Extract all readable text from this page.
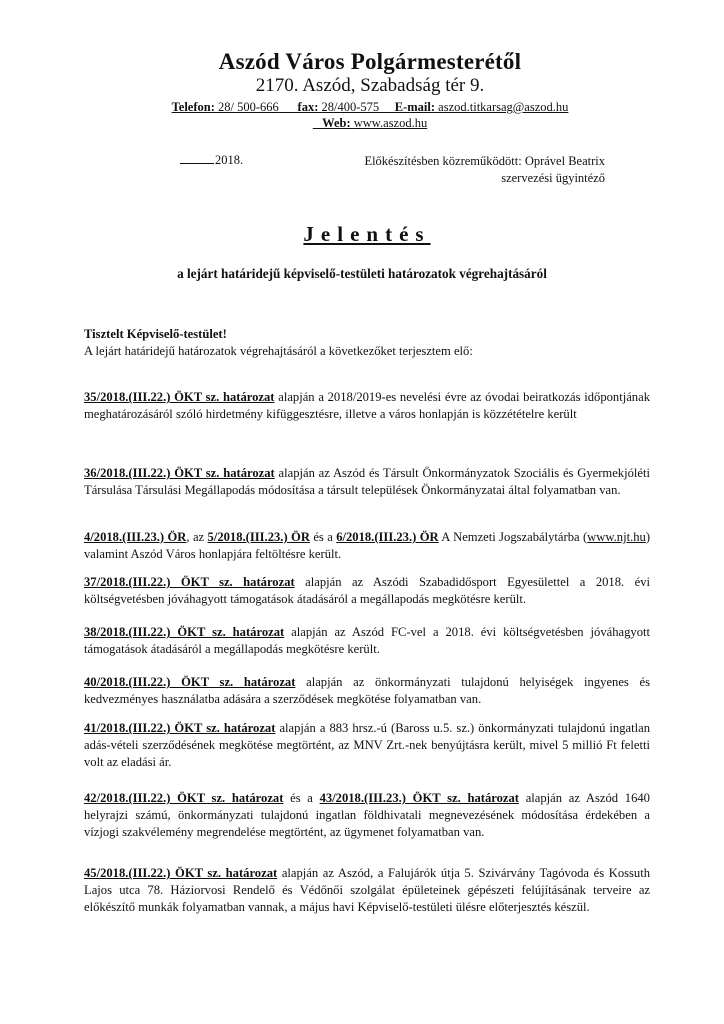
Aszód Város Polgármesterétől
2170. Aszód, Szabadság tér 9.
Telefon: 28/ 500-666 fax: 28/400-575 E-mail: aszod.titkarsag@aszod.hu
Web: www.aszod.hu
2018.	Előkészítésben közreműködött: Oprável Beatrix
szervezési ügyintéző
Jelentés
a lejárt határidejű képviselő-testületi határozatok végrehajtásáról
Tisztelt Képviselő-testület!
A lejárt határidejű határozatok végrehajtásáról a következőket terjesztem elő:
35/2018.(III.22.) ÖKT sz. határozat alapján a 2018/2019-es nevelési évre az óvodai beiratkozás időpontjának meghatározásáról szóló hirdetmény kifüggesztésre, illetve a város honlapján is közzétételre került
36/2018.(III.22.) ÖKT sz. határozat alapján az Aszód és Társult Önkormányzatok Szociális és Gyermekjóléti Társulása Társulási Megállapodás módosítása a társult települések Önkormányzatai által folyamatban van.
4/2018.(III.23.) ÖR, az 5/2018.(III.23.) ÖR és a 6/2018.(III.23.) ÖR A Nemzeti Jogszabálytárba (www.njt.hu) valamint Aszód Város honlapjára feltöltésre került.
37/2018.(III.22.) ÖKT sz. határozat alapján az Aszódi Szabadidősport Egyesülettel a 2018. évi költségvetésben jóváhagyott támogatások átadásáról a megállapodás megkötésre került.
38/2018.(III.22.) ÖKT sz. határozat alapján az Aszód FC-vel a 2018. évi költségvetésben jóváhagyott támogatások átadásáról a megállapodás megkötésre került.
40/2018.(III.22.) ÖKT sz. határozat alapján az önkormányzati tulajdonú helyiségek ingyenes és kedvezményes használatba adására a szerződések megkötése folyamatban van.
41/2018.(III.22.) ÖKT sz. határozat alapján a 883 hrsz.-ú (Baross u.5. sz.) önkormányzati tulajdonú ingatlan adás-vételi szerződésének megkötése megtörtént, az MNV Zrt.-nek benyújtásra került, mivel 5 millió Ft feletti volt az eladási ár.
42/2018.(III.22.) ÖKT sz. határozat és a 43/2018.(III.23.) ÖKT sz. határozat alapján az Aszód 1640 helyrajzi számú, önkormányzati tulajdonú ingatlan földhivatali megnevezésének módosítása érdekében a vízjogi szakvélemény megrendelése megtörtént, az ügymenet folyamatban van.
45/2018.(III.22.) ÖKT sz. határozat alapján az Aszód, a Falujárók útja 5. Szivárvány Tagóvoda és Kossuth Lajos utca 78. Háziorvosi Rendelő és Védőnői szolgálat épületeinek gépészeti felújításának terveire az előkészítő munkák folyamatban vannak, a május havi Képviselő-testületi ülésre előterjesztés készül.
